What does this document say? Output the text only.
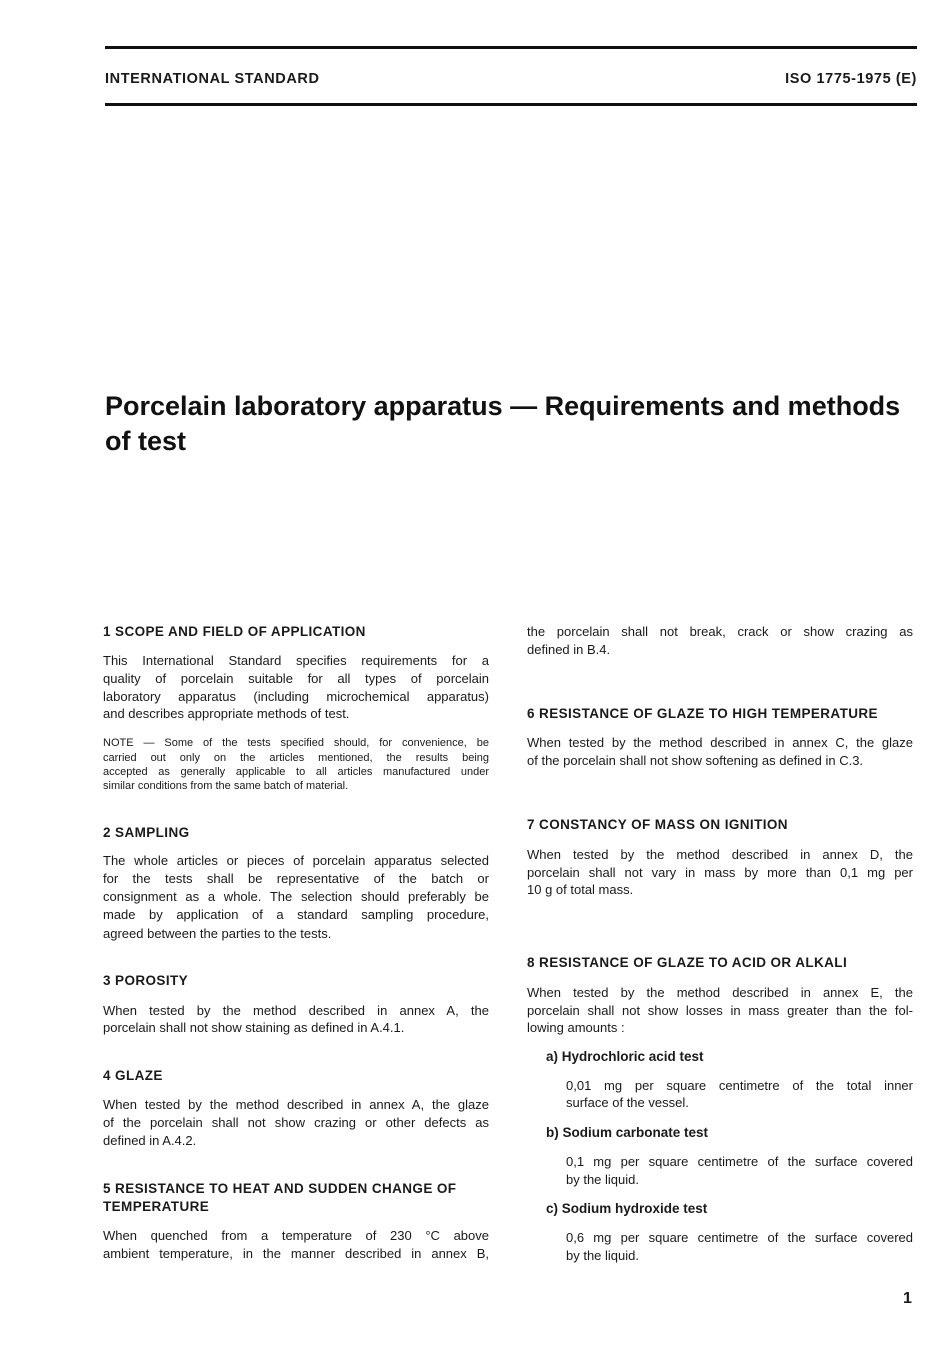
INTERNATIONAL STANDARD	ISO 1775-1975 (E)
Porcelain laboratory apparatus — Requirements and methods
of test
1 SCOPE AND FIELD OF APPLICATION
This International Standard specifies requirements for a
quality of porcelain suitable for all types of porcelain
laboratory apparatus (including microchemical apparatus)
and describes appropriate methods of test.
NOTE — Some of the tests specified should, for convenience, be
carried out only on the articles mentioned, the results being
accepted as generally applicable to all articles manufactured under
similar conditions from the same batch of material.
2 SAMPLING
The whole articles or pieces of porcelain apparatus selected
for the tests shall be representative of the batch or
consignment as a whole. The selection should preferably be
made by application of a standard sampling procedure,
agreed between the parties to the tests.
3 POROSITY
When tested by the method described in annex A, the
porcelain shall not show staining as defined in A.4.1.
4 GLAZE
When tested by the method described in annex A, the glaze
of the porcelain shall not show crazing or other defects as
defined in A.4.2.
5 RESISTANCE TO HEAT AND SUDDEN CHANGE OF
TEMPERATURE
When quenched from a temperature of 230 °C above
ambient temperature, in the manner described in annex B,
the porcelain shall not break, crack or show crazing as
defined in B.4.
6 RESISTANCE OF GLAZE TO HIGH TEMPERATURE
When tested by the method described in annex C, the glaze
of the porcelain shall not show softening as defined in C.3.
7 CONSTANCY OF MASS ON IGNITION
When tested by the method described in annex D, the
porcelain shall not vary in mass by more than 0,1 mg per
10 g of total mass.
8 RESISTANCE OF GLAZE TO ACID OR ALKALI
When tested by the method described in annex E, the
porcelain shall not show losses in mass greater than the fol-
lowing amounts :
a) Hydrochloric acid test
0,01 mg per square centimetre of the total inner
surface of the vessel.
b) Sodium carbonate test
0,1 mg per square centimetre of the surface covered
by the liquid.
c) Sodium hydroxide test
0,6 mg per square centimetre of the surface covered
by the liquid.
1
